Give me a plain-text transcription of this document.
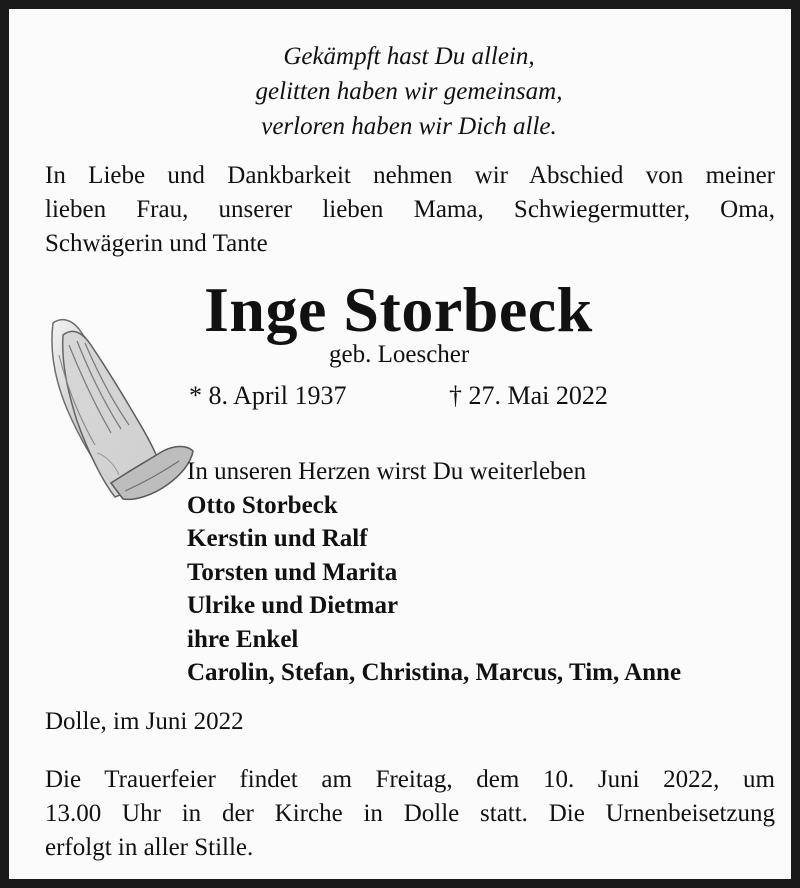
Gekämpft hast Du allein,
gelitten haben wir gemeinsam,
verloren haben wir Dich alle.
In Liebe und Dankbarkeit nehmen wir Abschied von meiner
lieben Frau, unserer lieben Mama, Schwiegermutter, Oma,
Schwägerin und Tante
Inge Storbeck
geb. Loescher
* 8. April 1937	† 27. Mai 2022
In unseren Herzen wirst Du weiterleben
Otto Storbeck
Kerstin und Ralf
Torsten und Marita
Ulrike und Dietmar
ihre Enkel
Carolin, Stefan, Christina, Marcus, Tim, Anne
Dolle, im Juni 2022
Die Trauerfeier findet am Freitag, dem 10. Juni 2022, um
13.00 Uhr in der Kirche in Dolle statt. Die Urnenbeisetzung
erfolgt in aller Stille.
